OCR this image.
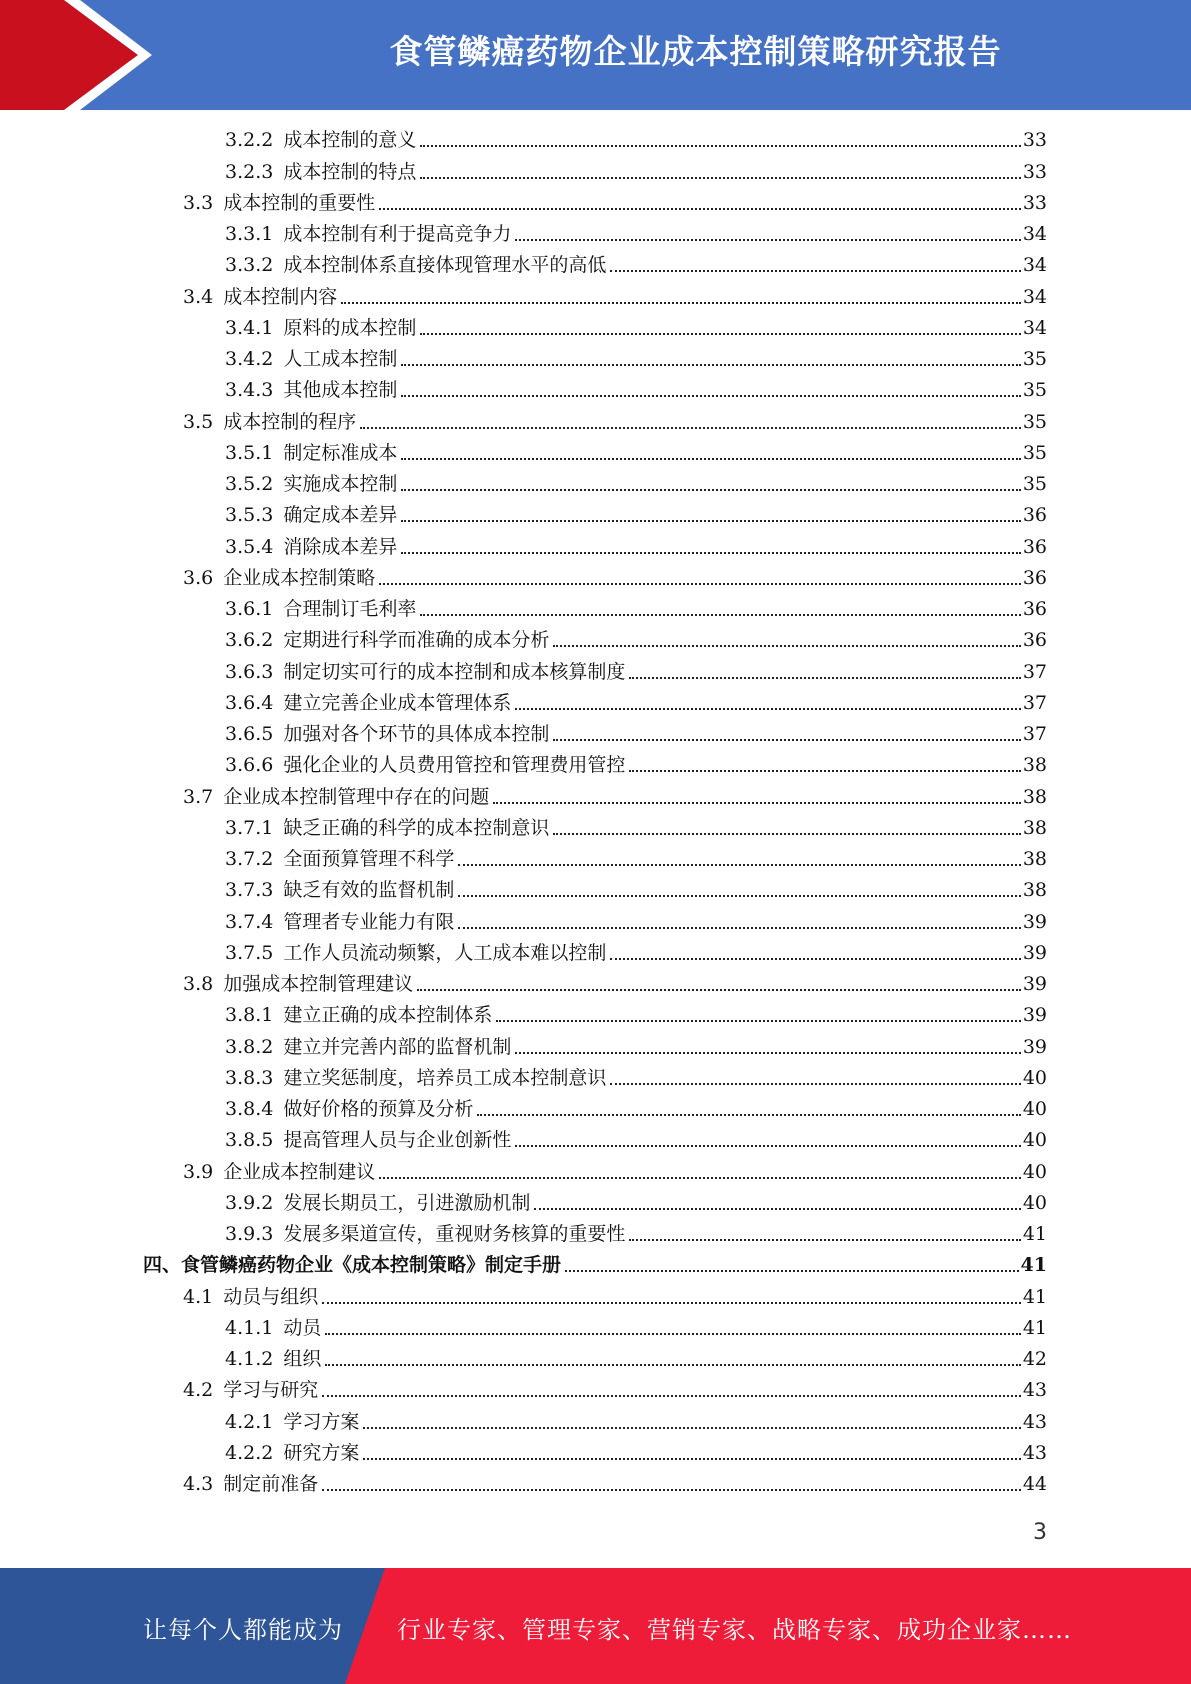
食管鳞癌药物企业成本控制策略研究报告
3.2.2 成本控制的意义	33
3.2.3 成本控制的特点	33
3.3 成本控制的重要性	33
3.3.1 成本控制有利于提高竞争力	34
3.3.2 成本控制体系直接体现管理水平的高低	34
3.4 成本控制内容	34
3.4.1 原料的成本控制	34
3.4.2 人工成本控制	35
3.4.3 其他成本控制	35
3.5 成本控制的程序	35
3.5.1 制定标准成本	35
3.5.2 实施成本控制	35
3.5.3 确定成本差异	36
3.5.4 消除成本差异	36
3.6 企业成本控制策略	36
3.6.1 合理制订毛利率	36
3.6.2 定期进行科学而准确的成本分析	36
3.6.3 制定切实可行的成本控制和成本核算制度	37
3.6.4 建立完善企业成本管理体系	37
3.6.5 加强对各个环节的具体成本控制	37
3.6.6 强化企业的人员费用管控和管理费用管控	38
3.7 企业成本控制管理中存在的问题	38
3.7.1 缺乏正确的科学的成本控制意识	38
3.7.2 全面预算管理不科学	38
3.7.3 缺乏有效的监督机制	38
3.7.4 管理者专业能力有限	39
3.7.5 工作人员流动频繁，人工成本难以控制	39
3.8 加强成本控制管理建议	39
3.8.1 建立正确的成本控制体系	39
3.8.2 建立并完善内部的监督机制	39
3.8.3 建立奖惩制度，培养员工成本控制意识	40
3.8.4 做好价格的预算及分析	40
3.8.5 提高管理人员与企业创新性	40
3.9 企业成本控制建议	40
3.9.2 发展长期员工，引进激励机制	40
3.9.3 发展多渠道宣传，重视财务核算的重要性	41
四、食管鳞癌药物企业《成本控制策略》制定手册	41
4.1 动员与组织	41
4.1.1 动员	41
4.1.2 组织	42
4.2 学习与研究	43
4.2.1 学习方案	43
4.2.2 研究方案	43
4.3 制定前准备	44
3
让每个人都能成为 行业专家、管理专家、营销专家、战略专家、成功企业家……
